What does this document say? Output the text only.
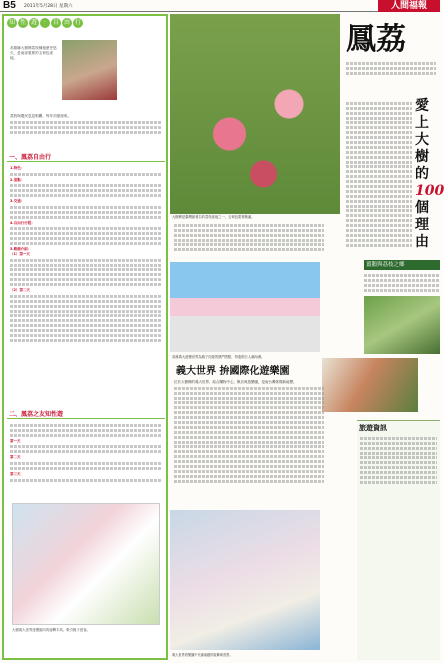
B5 2011年5月28日 星期六	人間福報
知 性 遊 · 自 由 行
高雄縣大樹鄉荔枝種植歷史悠久，是南部重要的玉荷包產地。
荔枝與農民息息相關，每年初夏採收。
一、鳳荔自由行
1.特色：
2.景點：
3.交通：
4.自由行行程：
5.路線介紹：
（1）第一天
（2）第二天
二、鳳荔之友知性遊
第一天
第二天
第三天
大樹義大世界遊樂園內的旋轉木馬，吸引親子遊客。
大樹鄉是臺灣最著名的荔枝產地之一，玉荷包果實飽滿。
鳳荔
愛
上
大
樹
的
100
個
理
由
薑鵝與荔枝之鄉
高雄義大遊樂世界為親子同遊的熱門景點，每逢假日人潮洶湧。
義大世界 拚國際化遊樂園
位於大樹鄉的義大世界，結合購物中心、飯店與遊樂園，是南台灣休閒新地標。
旅遊資訊
義大世界遊樂園中充滿童趣的裝飾與造景。
